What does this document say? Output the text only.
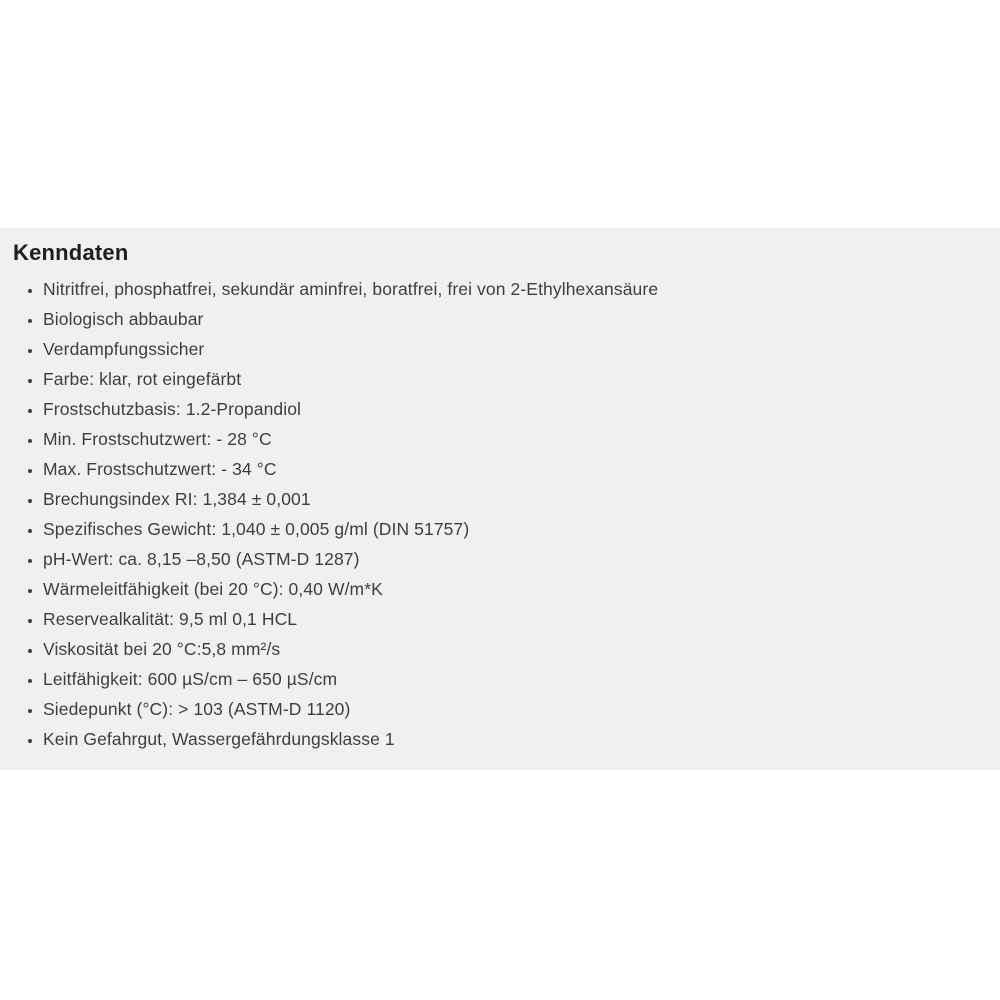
Kenndaten
• Nitritfrei, phosphatfrei, sekundär aminfrei, boratfrei, frei von 2-Ethylhexansäure
• Biologisch abbaubar
• Verdampfungssicher
• Farbe: klar, rot eingefärbt
• Frostschutzbasis: 1.2-Propandiol
• Min. Frostschutzwert: - 28 °C
• Max. Frostschutzwert: - 34 °C
• Brechungsindex RI: 1,384 ± 0,001
• Spezifisches Gewicht: 1,040 ± 0,005 g/ml (DIN 51757)
• pH-Wert: ca. 8,15 –8,50 (ASTM-D 1287)
• Wärmeleitfähigkeit (bei 20 °C): 0,40 W/m*K
• Reservealkalität: 9,5 ml 0,1 HCL
• Viskosität bei 20 °C:5,8 mm²/s
• Leitfähigkeit: 600 µS/cm – 650 µS/cm
• Siedepunkt (°C): > 103 (ASTM-D 1120)
• Kein Gefahrgut, Wassergefährdungsklasse 1
